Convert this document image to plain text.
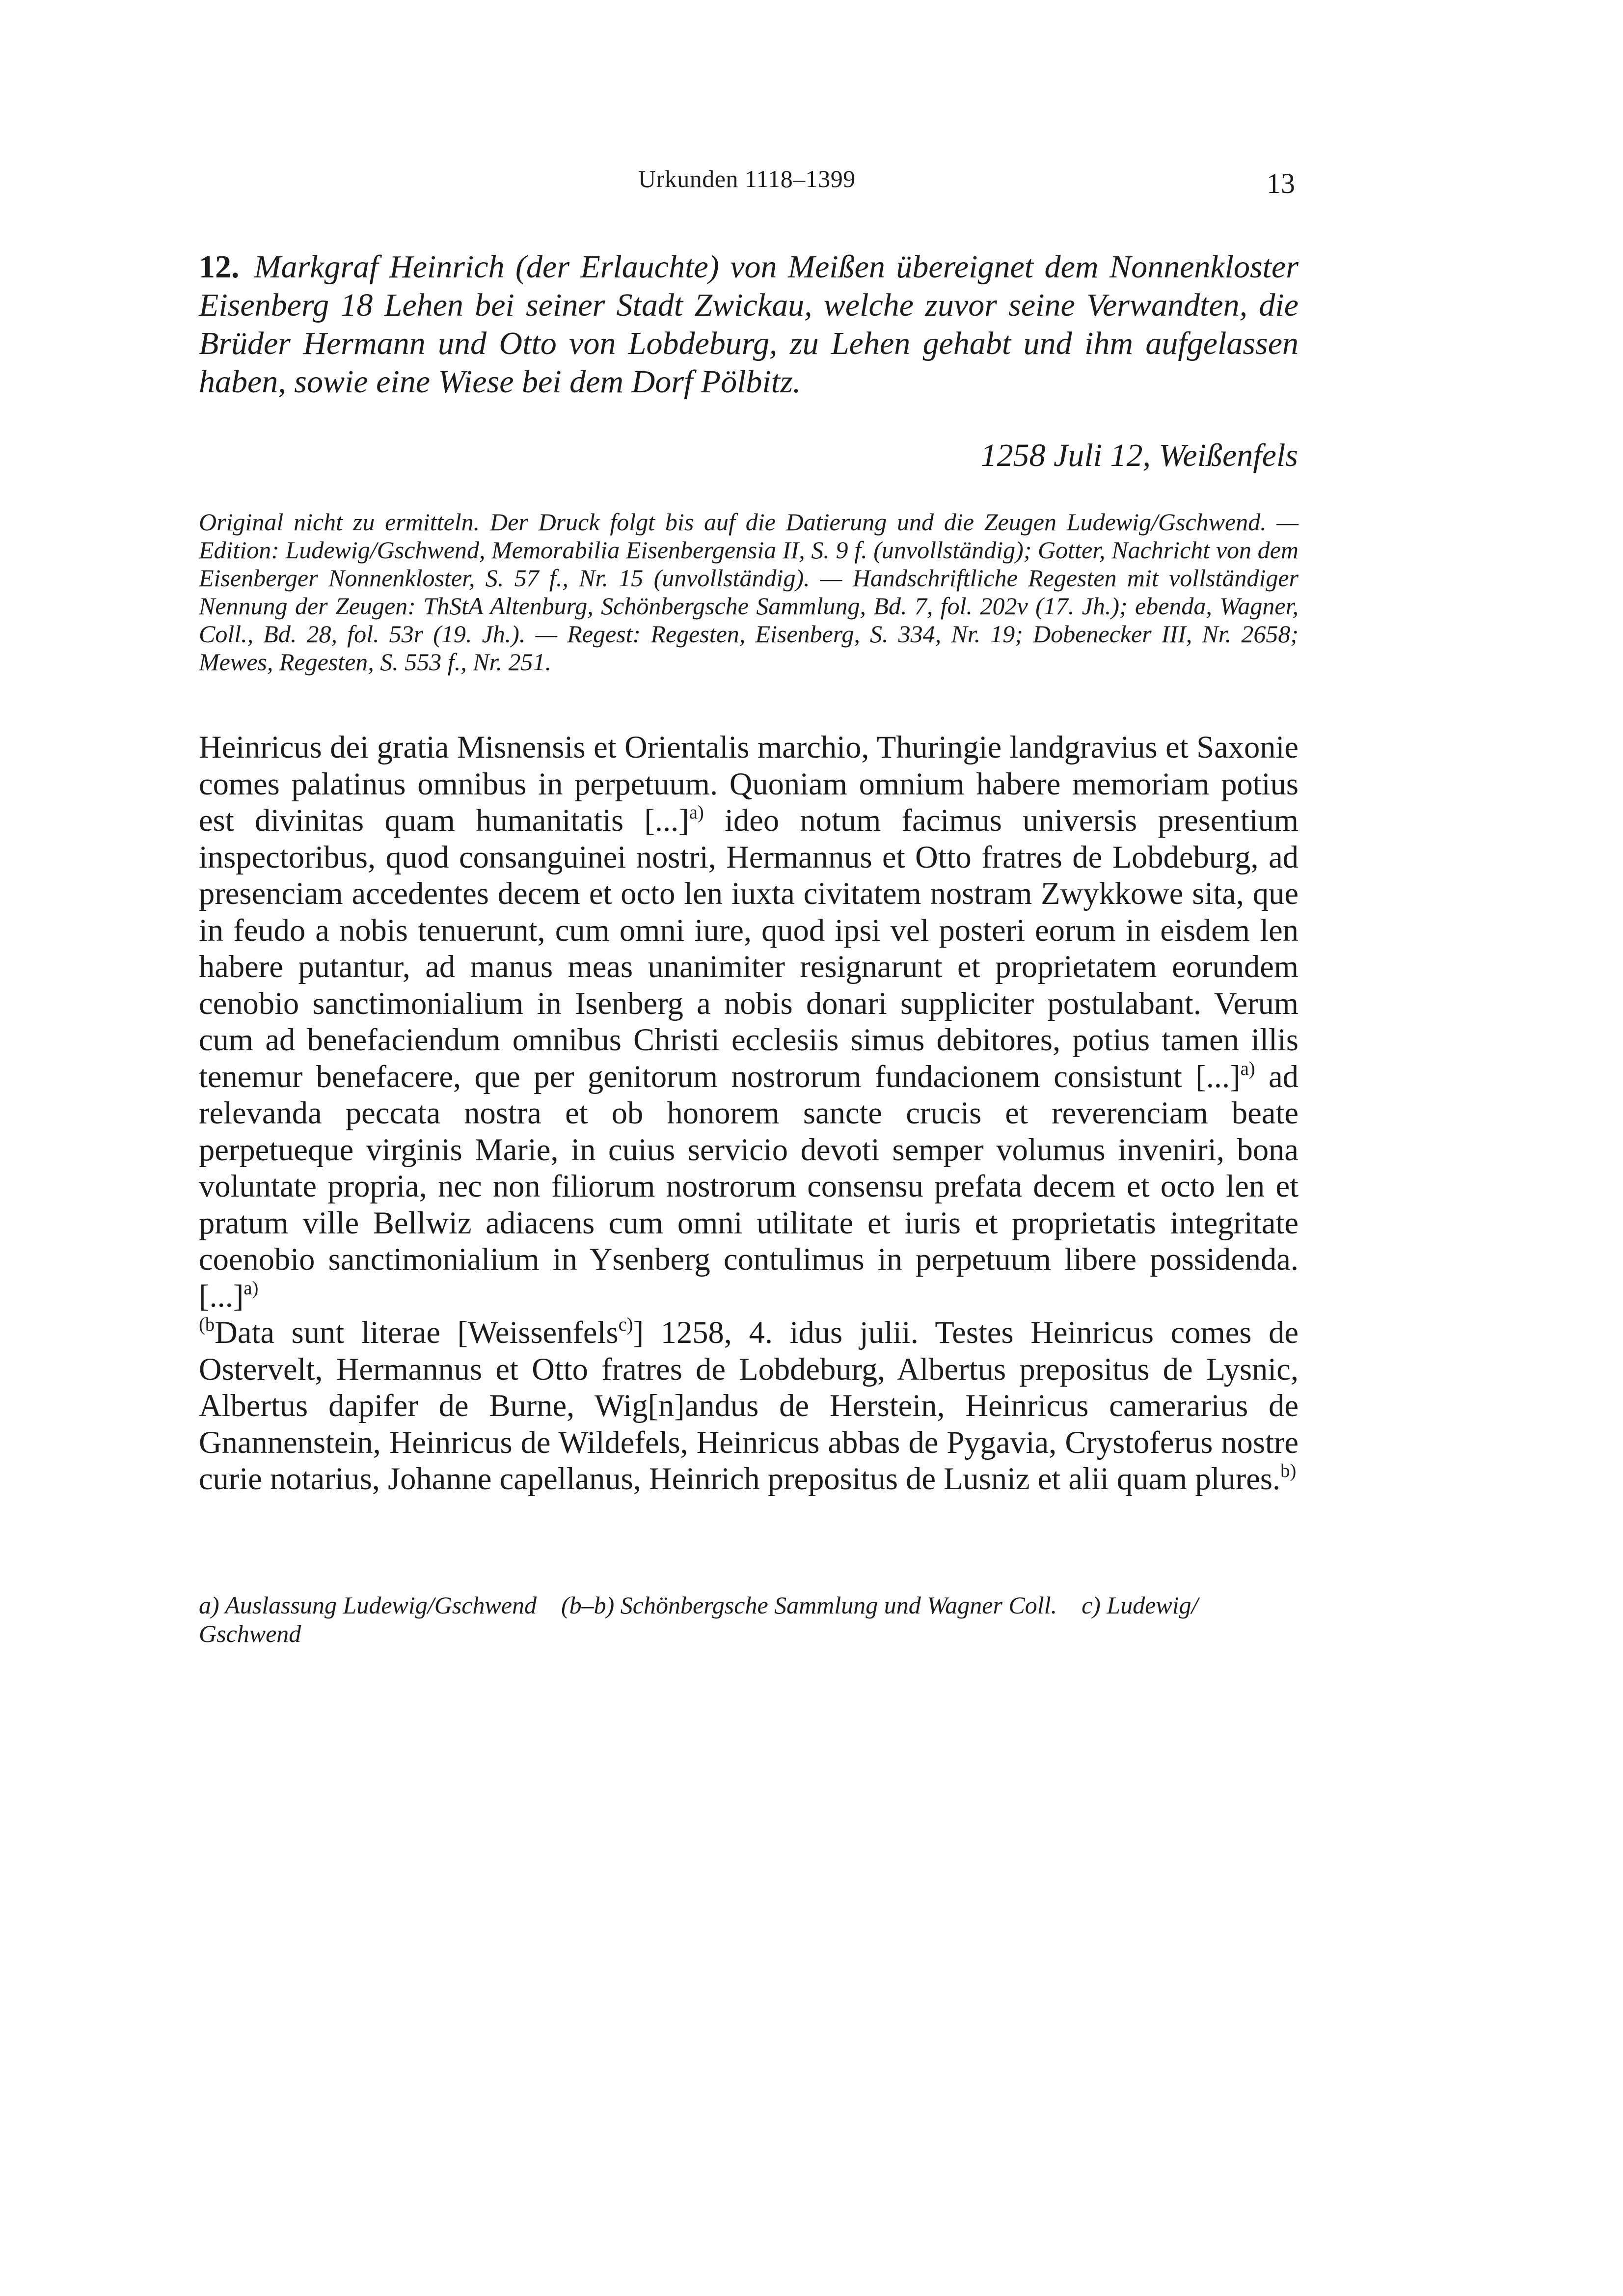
Urkunden 1118–1399	13
12. Markgraf Heinrich (der Erlauchte) von Meißen übereignet dem Nonnenkloster Eisenberg 18 Lehen bei seiner Stadt Zwickau, welche zuvor seine Verwandten, die Brüder Hermann und Otto von Lobdeburg, zu Lehen gehabt und ihm aufgelassen haben, sowie eine Wiese bei dem Dorf Pölbitz.
1258 Juli 12, Weißenfels
Original nicht zu ermitteln. Der Druck folgt bis auf die Datierung und die Zeugen Ludewig/Gschwend. — Edition: Ludewig/Gschwend, Memorabilia Eisenbergensia II, S. 9 f. (unvollständig); Gotter, Nachricht von dem Eisenberger Nonnenkloster, S. 57 f., Nr. 15 (unvollständig). — Handschriftliche Regesten mit vollständiger Nennung der Zeugen: ThStA Altenburg, Schönbergsche Sammlung, Bd. 7, fol. 202v (17. Jh.); ebenda, Wagner, Coll., Bd. 28, fol. 53r (19. Jh.). — Regest: Regesten, Eisenberg, S. 334, Nr. 19; Dobenecker III, Nr. 2658; Mewes, Regesten, S. 553 f., Nr. 251.

Heinricus dei gratia Misnensis et Orientalis marchio, Thuringie landgravius et Saxonie comes palatinus omnibus in perpetuum. Quoniam omnium habere memoriam potius est divinitas quam humanitatis [...]$^{a)}$ ideo notum facimus universis presentium inspectoribus, quod consanguinei nostri, Hermannus et Otto fratres de Lobdeburg, ad presenciam accedentes decem et octo len iuxta civitatem nostram Zwykkowe sita, que in feudo a nobis tenuerunt, cum omni iure, quod ipsi vel posteri eorum in eisdem len habere putantur, ad manus meas unanimiter resignarunt et proprietatem eorundem cenobio sanctimonialium in Isenberg a nobis donari suppliciter postulabant. Verum cum ad benefaciendum omnibus Christi ecclesiis simus debitores, potius tamen illis tenemur benefacere, que per genitorum nostrorum fundacionem consistunt [...]$^{a)}$ ad relevanda peccata nostra et ob honorem sancte crucis et reverenciam beate perpetueque virginis Marie, in cuius servicio devoti semper volumus inveniri, bona voluntate propria, nec non filiorum nostrorum consensu prefata decem et octo len et pratum ville Bellwiz adiacens cum omni utilitate et iuris et proprietatis integritate coenobio sanctimonialium in Ysenberg contulimus in perpetuum libere possidenda. [...]$^{a)}$

$^{(b}$Data sunt literae [Weissenfels$^{c)}$] 1258, 4. idus julii. Testes Heinricus comes de Ostervelt, Hermannus et Otto fratres de Lobdeburg, Albertus prepositus de Lysnic, Albertus dapifer de Burne, Wig[n]andus de Herstein, Heinricus camerarius de Gnannenstein, Heinricus de Wildefels, Heinricus abbas de Pygavia, Crystoferus nostre curie notarius, Johanne capellanus, Heinrich prepositus de Lusniz et alii quam plures.$^{b)}$

a) Auslassung Ludewig/Gschwend (b–b) Schönbergsche Sammlung und Wagner Coll. c) Ludewig/ Gschwend
